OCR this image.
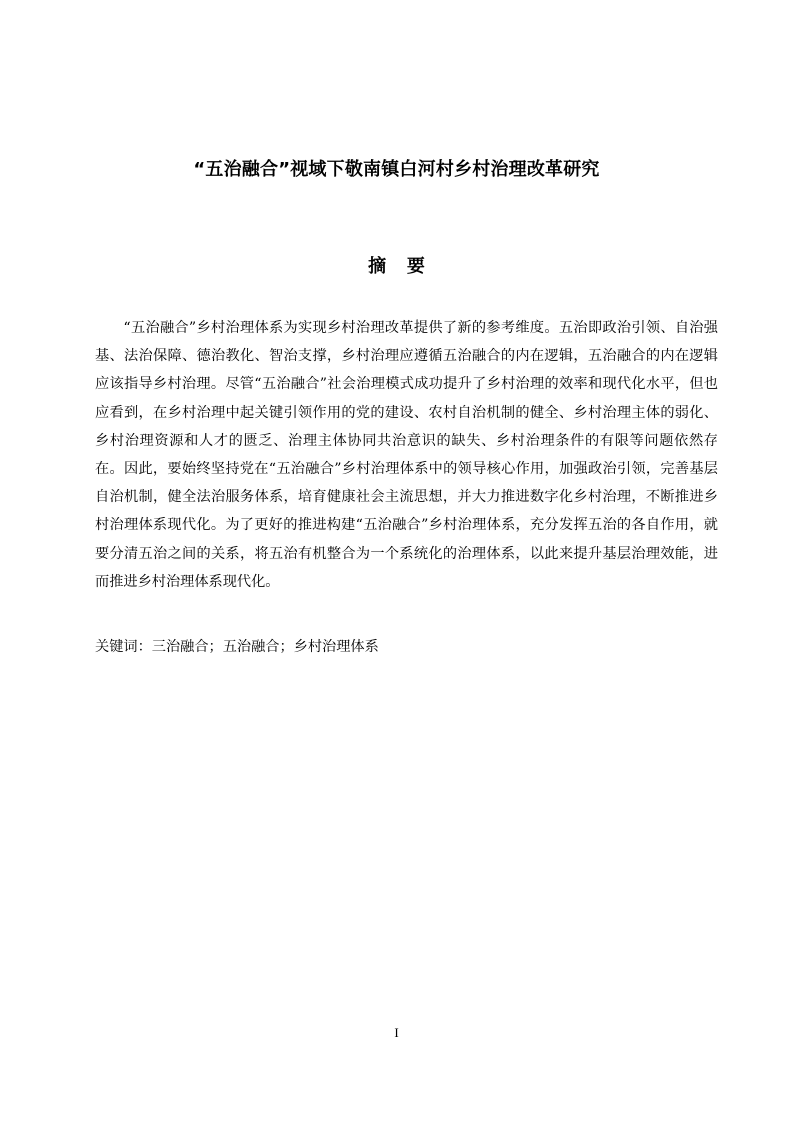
“五治融合”视域下敬南镇白河村乡村治理改革研究
摘 要

“五治融合”乡村治理体系为实现乡村治理改革提供了新的参考维度。五治即政治引领、自治强基、法治保障、德治教化、智治支撑，乡村治理应遵循五治融合的内在逻辑，五治融合的内在逻辑应该指导乡村治理。尽管“五治融合”社会治理模式成功提升了乡村治理的效率和现代化水平，但也应看到，在乡村治理中起关键引领作用的党的建设、农村自治机制的健全、乡村治理主体的弱化、乡村治理资源和人才的匮乏、治理主体协同共治意识的缺失、乡村治理条件的有限等问题依然存在。因此，要始终坚持党在“五治融合”乡村治理体系中的领导核心作用，加强政治引领，完善基层自治机制，健全法治服务体系，培育健康社会主流思想，并大力推进数字化乡村治理，不断推进乡村治理体系现代化。为了更好的推进构建“五治融合”乡村治理体系，充分发挥五治的各自作用，就要分清五治之间的关系，将五治有机整合为一个系统化的治理体系，以此来提升基层治理效能，进而推进乡村治理体系现代化。

关键词：三治融合；五治融合；乡村治理体系

I
